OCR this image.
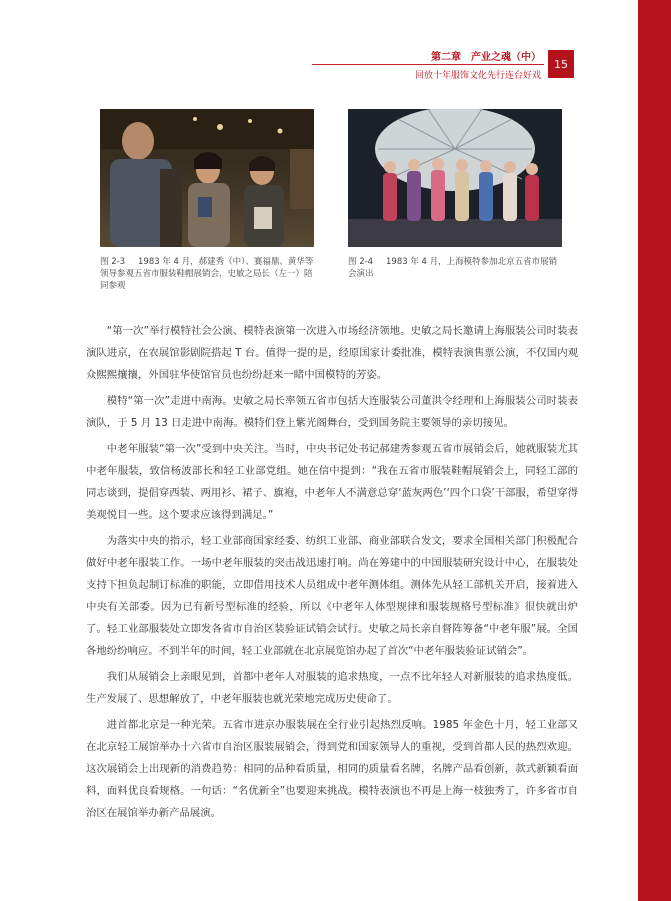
第二章　产业之魂（中）
回放十年服饰文化先行连台好戏
15
图 2-3 1983 年 4 月，郝建秀（中）、赛福鼎、黄华等领导参观五省市服装鞋帽展销会，史敏之局长（左一）陪同参观
图 2-4 1983 年 4 月，上海模特参加北京五省市展销会演出

“第一次”举行模特社会公演、模特表演第一次进入市场经济领地。史敏之局长邀请上海服装公司时装表演队进京，在农展馆影剧院搭起 T 台。值得一提的是，经原国家计委批准，模特表演售票公演，不仅国内观众熙熙攘攘，外国驻华使馆官员也纷纷赶来一睹中国模特的芳姿。

模特“第一次”走进中南海。史敏之局长率领五省市包括大连服装公司董洪令经理和上海服装公司时装表演队，于 5 月 13 日走进中南海。模特们登上紫光阁舞台，受到国务院主要领导的亲切接见。

中老年服装“第一次”受到中央关注。当时，中央书记处书记郝建秀参观五省市展销会后，她就服装尤其中老年服装，致信杨波部长和轻工业部党组。她在信中提到：“我在五省市服装鞋帽展销会上，同轻工部的同志谈到，提倡穿西装、两用衫、裙子、旗袍，中老年人不满意总穿‘蓝灰两色’‘四个口袋’干部服，希望穿得美观悦目一些。这个要求应该得到满足。”

为落实中央的指示，轻工业部商国家经委、纺织工业部、商业部联合发文，要求全国相关部门积极配合做好中老年服装工作。一场中老年服装的突击战迅速打响。尚在筹建中的中国服装研究设计中心，在服装处支持下担负起制订标准的职能，立即借用技术人员组成中老年测体组。测体先从轻工部机关开启，接着进入中央有关部委。因为已有新号型标准的经验，所以《中老年人体型规律和服装规格号型标准》很快就出炉了。轻工业部服装处立即发各省市自治区装验证试销会试行。史敏之局长亲自督阵筹备“中老年服”展。全国各地纷纷响应。不到半年的时间，轻工业部就在北京展览馆办起了首次“中老年服装验证试销会”。

我们从展销会上亲眼见到，首都中老年人对服装的追求热度，一点不比年轻人对新服装的追求热度低。生产发展了、思想解放了，中老年服装也就光荣地完成历史使命了。

进首都北京是一种光荣。五省市进京办服装展在全行业引起热烈反响。1985 年金色十月，轻工业部又在北京轻工展馆举办十六省市自治区服装展销会，得到党和国家领导人的重视，受到首都人民的热烈欢迎。这次展销会上出现新的消费趋势：相同的品种看质量，相同的质量看名牌，名牌产品看创新，款式新颖看面料，面料优良看规格。一句话：“名优新全”也要迎来挑战。模特表演也不再是上海一枝独秀了，许多省市自治区在展馆举办新产品展演。
